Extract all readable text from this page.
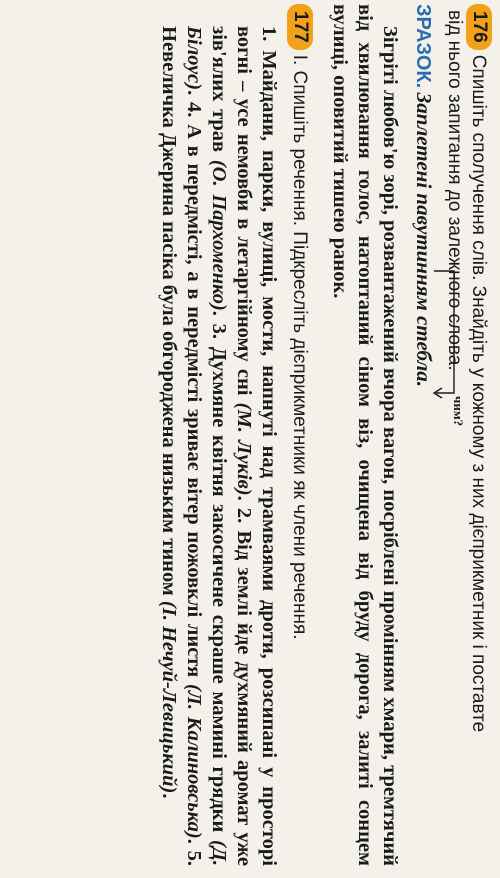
176Спишіть сполучення слів. Знайдіть у кожному з них дієприкметник і поставте

від нього запитання до залежного слова.

ЗРАЗОК. Заплетені павутинням стебла.
чим?

Зігріті любов'ю зорі, розвантажений вчора вагон, посріблені промінням хмари, тремтячий від хвилювання голос, натоптаний сіном віз, очищена від бруду дорога, залиті сонцем вулиці, оповитий тишею ранок.

177І. Спишіть речення. Підкресліть дієприкметники як члени речення.

1. Майдани, парки, вулиці, мости, напнуті над трамваями дроти, розсипані у просторі вогні – усе немовби в летаргійному сні (М. Луків). 2. Від землі йде духмяний аромат уже зів'ялих трав (О. Пархоменко). 3. Духмяне квітня закосичене скраше мамині грядки (Д. Білоус). 4. А в передмісті, а в передмісті зриває вітер пожовклі листя (Л. Калиновська). 5. Невеличка Джерина пасіка була обгороджена низьким тином (І. Нечуй-Левицький).
